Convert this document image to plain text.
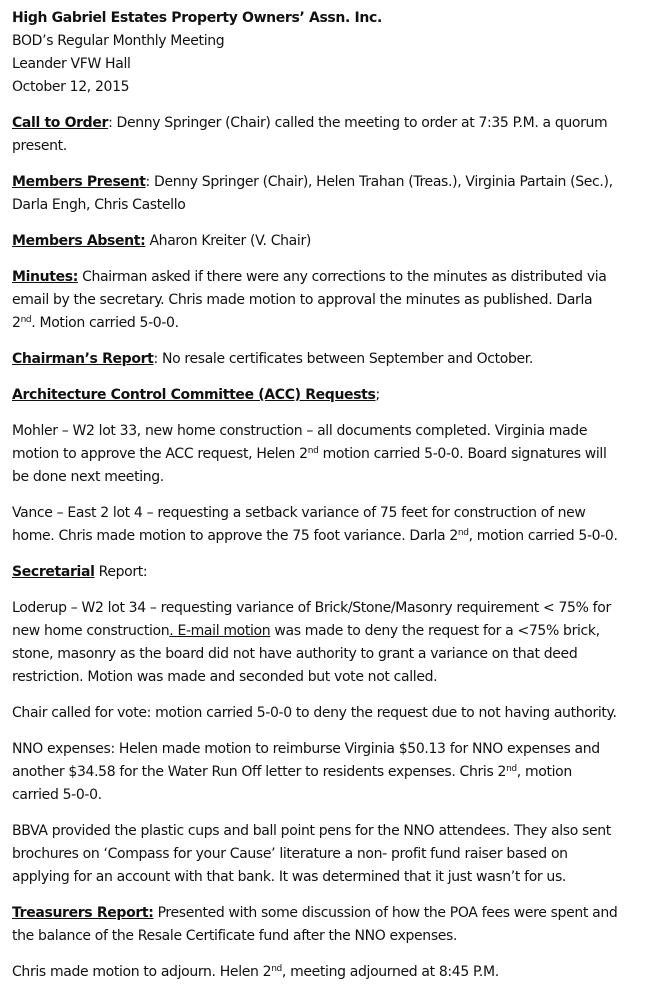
High Gabriel Estates Property Owners’ Assn. Inc.
BOD’s Regular Monthly Meeting
Leander VFW Hall
October 12, 2015
Call to Order: Denny Springer (Chair) called the meeting to order at 7:35 P.M. a quorum
present.
Members Present: Denny Springer (Chair), Helen Trahan (Treas.), Virginia Partain (Sec.),
Darla Engh, Chris Castello
Members Absent: Aharon Kreiter (V. Chair)
Minutes: Chairman asked if there were any corrections to the minutes as distributed via
email by the secretary. Chris made motion to approval the minutes as published. Darla
2nd. Motion carried 5-0-0.
Chairman’s Report: No resale certificates between September and October.
Architecture Control Committee (ACC) Requests;
Mohler – W2 lot 33, new home construction – all documents completed. Virginia made
motion to approve the ACC request, Helen 2nd motion carried 5-0-0. Board signatures will
be done next meeting.
Vance – East 2 lot 4 – requesting a setback variance of 75 feet for construction of new
home. Chris made motion to approve the 75 foot variance. Darla 2nd, motion carried 5-0-0.
Secretarial Report:
Loderup – W2 lot 34 – requesting variance of Brick/Stone/Masonry requirement < 75% for
new home construction. E-mail motion was made to deny the request for a <75% brick,
stone, masonry as the board did not have authority to grant a variance on that deed
restriction. Motion was made and seconded but vote not called.
Chair called for vote: motion carried 5-0-0 to deny the request due to not having authority.
NNO expenses: Helen made motion to reimburse Virginia $50.13 for NNO expenses and
another $34.58 for the Water Run Off letter to residents expenses. Chris 2nd, motion
carried 5-0-0.
BBVA provided the plastic cups and ball point pens for the NNO attendees. They also sent
brochures on ‘Compass for your Cause’ literature a non- profit fund raiser based on
applying for an account with that bank. It was determined that it just wasn’t for us.
Treasurers Report: Presented with some discussion of how the POA fees were spent and
the balance of the Resale Certificate fund after the NNO expenses.
Chris made motion to adjourn. Helen 2nd, meeting adjourned at 8:45 P.M.
